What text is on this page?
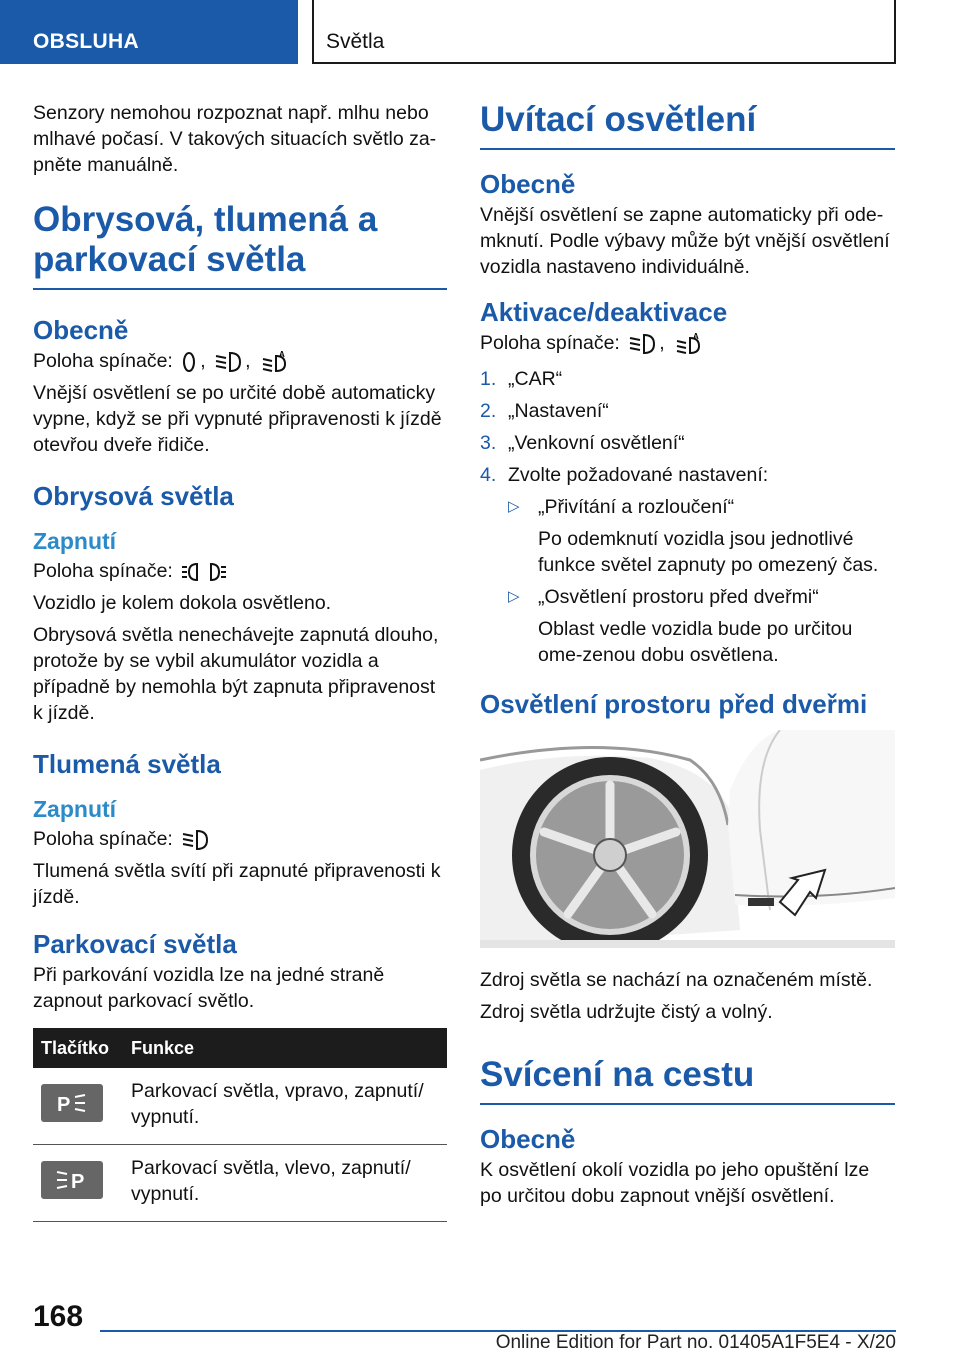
OBSLUHA	Světla

Senzory nemohou rozpoznat např. mlhu nebo mlhavé počasí. V takových situacích světlo za-pněte manuálně.

Obrysová, tlumená a parkovací světla
Obecně

Poloha spínače: , ,	A

Vnější osvětlení se po určité době automaticky vypne, když se při vypnuté připravenosti k jízdě otevřou dveře řidiče.

Obrysová světla
Zapnutí

Poloha spínače:

Vozidlo je kolem dokola osvětleno.

Obrysová světla nenechávejte zapnutá dlouho, protože by se vybil akumulátor vozidla a případně by nemohla být zapnuta připravenost k jízdě.

Tlumená světla
Zapnutí

Poloha spínače:

Tlumená světla svítí při zapnuté připravenosti k jízdě.

Parkovací světla

Při parkování vozidla lze na jedné straně zapnout parkovací světlo.

Tlačítko	Funkce

P	Parkovací světla, vpravo, zapnutí/ vypnutí.

P	Parkovací světla, vlevo, zapnutí/ vypnutí.
Uvítací osvětlení
Obecně

Vnější osvětlení se zapne automaticky při ode-mknutí. Podle výbavy může být vnější osvětlení vozidla nastaveno individuálně.

Aktivace/deaktivace

Poloha spínače: ,	A

1. „CAR“
2. „Nastavení“
3. „Venkovní osvětlení“
4. Zvolte požadované nastavení:
▷ „Přivítání a rozloučení“
Po odemknutí vozidla jsou jednotlivé funkce světel zapnuty po omezený čas.
▷ „Osvětlení prostoru před dveřmi“
Oblast vedle vozidla bude po určitou ome-zenou dobu osvětlena.
Osvětlení prostoru před dveřmi

Zdroj světla se nachází na označeném místě.

Zdroj světla udržujte čistý a volný.

Svícení na cestu
Obecně

K osvětlení okolí vozidla po jeho opuštění lze po určitou dobu zapnout vnější osvětlení.

168
Online Edition for Part no. 01405A1F5E4 - X/20
